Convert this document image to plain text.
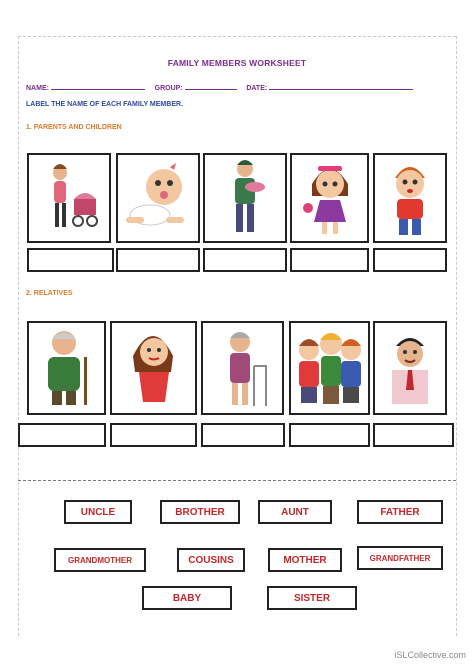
FAMILY MEMBERS WORKSHEET
NAME:	GROUP:	DATE:
LABEL THE NAME OF EACH FAMILY MEMBER.
1. PARENTS AND CHILDREN
2. RELATIVES
UNCLE	BROTHER	AUNT	FATHER
GRANDMOTHER	COUSINS	MOTHER	GRANDFATHER
BABY	SISTER
iSLCollective.com
